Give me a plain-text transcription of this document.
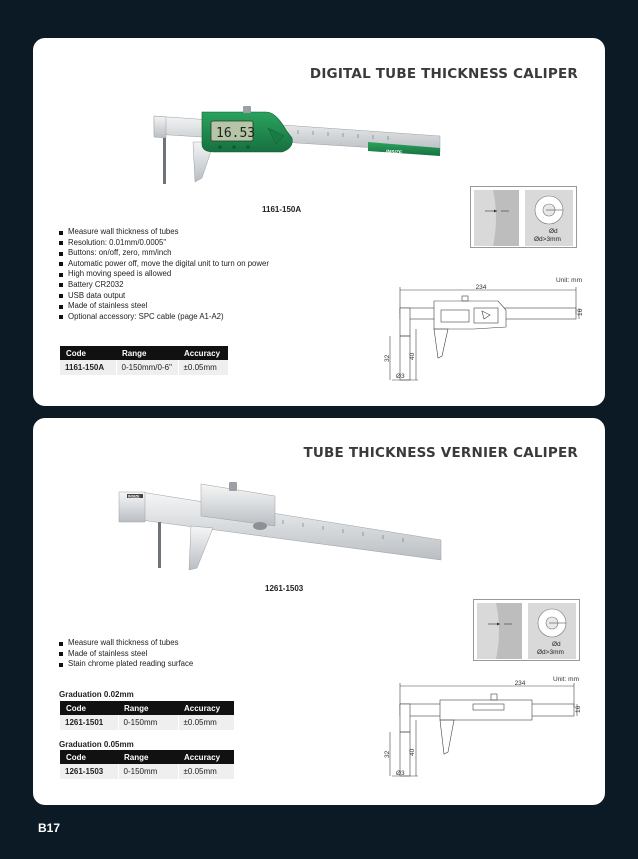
DIGITAL TUBE THICKNESS CALIPER
INSIZE
16.53
1161-150A
Ød
Ød>3mm
Measure wall thickness of tubes
Resolution: 0.01mm/0.0005"
Buttons: on/off, zero, mm/inch
Automatic power off, move the digital unit to turn on power
High moving speed is allowed
Battery CR2032
USB data output
Made of stainless steel
Optional accessory: SPC cable (page A1-A2)
Unit: mm
234
16
32	40
Ø3
Code	Range	Accuracy
1161-150A	0-150mm/0-6"	±0.05mm
TUBE THICKNESS VERNIER CALIPER
INSIZE
1261-1503
Ød
Ød>3mm
Measure wall thickness of tubes
Made of stainless steel
Stain chrome plated reading surface
Unit: mm
234
16
32	40
Ø3
Graduation 0.02mm
Code	Range	Accuracy
1261-1501	0-150mm	±0.05mm
Graduation 0.05mm
Code	Range	Accuracy
1261-1503	0-150mm	±0.05mm
B17
